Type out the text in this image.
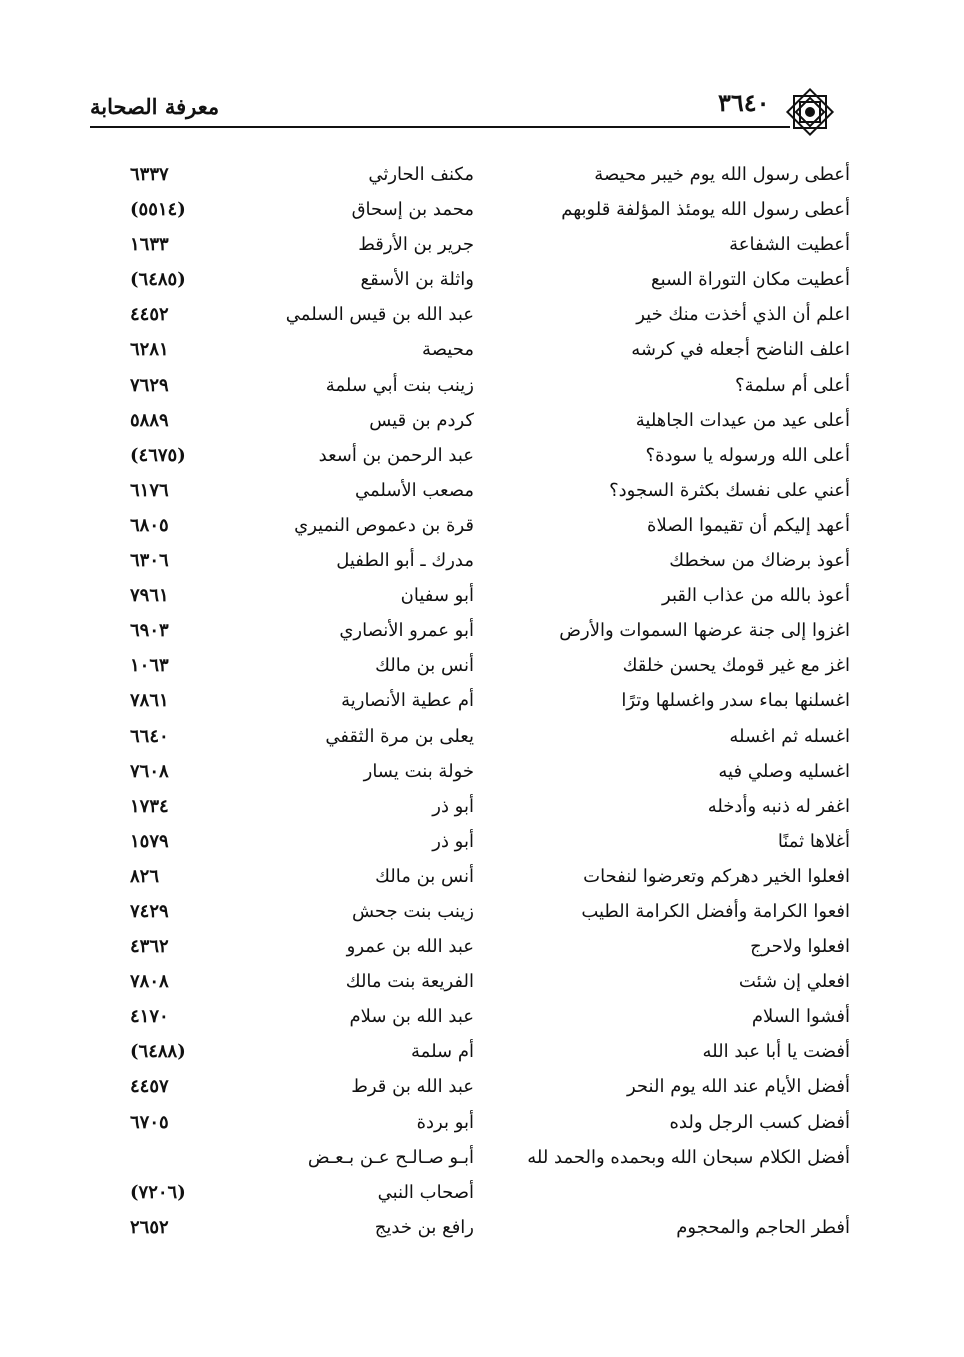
معرفة الصحابة	٣٦٤٠
أعطى رسول الله يوم خيبر محيصة
مكنف الحارثي
٦٣٣٧
أعطى رسول الله يومئذ المؤلفة قلوبهم
محمد بن إسحاق
(٥٥١٤)
أعطيت الشفاعة
جرير بن الأرقط
١٦٣٣
أعطيت مكان التوراة السبع
واثلة بن الأسقع
(٦٤٨٥)
اعلم أن الذي أخذت منك خير
عبد الله بن قيس السلمي
٤٤٥٢
اعلف الناضح أجعله في كرشه
محيصة
٦٢٨١
أعلى أم سلمة؟
زينب بنت أبي سلمة
٧٦٢٩
أعلى عيد من عيدات الجاهلية
كردم بن قيس
٥٨٨٩
أعلى الله ورسوله يا سودة؟
عبد الرحمن بن أسعد
(٤٦٧٥)
أعني على نفسك بكثرة السجود؟
مصعب الأسلمي
٦١٧٦
أعهد إليكم أن تقيموا الصلاة
قرة بن دعموص النميري
٦٨٠٥
أعوذ برضاك من سخطك
مدرك ـ أبو الطفيل
٦٣٠٦
أعوذ بالله من عذاب القبر
أبو سفيان
٧٩٦١
اغزوا إلى جنة عرضها السموات والأرض
أبو عمرو الأنصاري
٦٩٠٣
اغز مع غير قومك يحسن خلقك
أنس بن مالك
١٠٦٣
اغسلنها بماء سدر واغسلها وترًا
أم عطية الأنصارية
٧٨٦١
اغسله ثم اغسله
يعلى بن مرة الثقفي
٦٦٤٠
اغسليه وصلي فيه
خولة بنت يسار
٧٦٠٨
اغفر له ذنبه وأدخله
أبو ذر
١٧٣٤
أغلاها ثمنًا
أبو ذر
١٥٧٩
افعلوا الخير دهركم وتعرضوا لنفحات
أنس بن مالك
٨٢٦
افعوا الكرامة وأفضل الكرامة الطيب
زينب بنت جحش
٧٤٢٩
افعلوا ولاحرج
عبد الله بن عمرو
٤٣٦٢
افعلي إن شئت
الفريعة بنت مالك
٧٨٠٨
أفشوا السلام
عبد الله بن سلام
٤١٧٠
أفضت يا أبا عبد الله
أم سلمة
(٦٤٨٨)
أفضل الأيام عند الله يوم النحر
عبد الله بن قرط
٤٤٥٧
أفضل كسب الرجل ولده
أبو بردة
٦٧٠٥
أفضل الكلام سبحان الله وبحمده والحمد لله
أبـو صـالـح عـن بـعـض
أصحاب النبي
(٧٢٠٦)
أفطر الحاجم والمحجوم
رافع بن خديج
٢٦٥٢
